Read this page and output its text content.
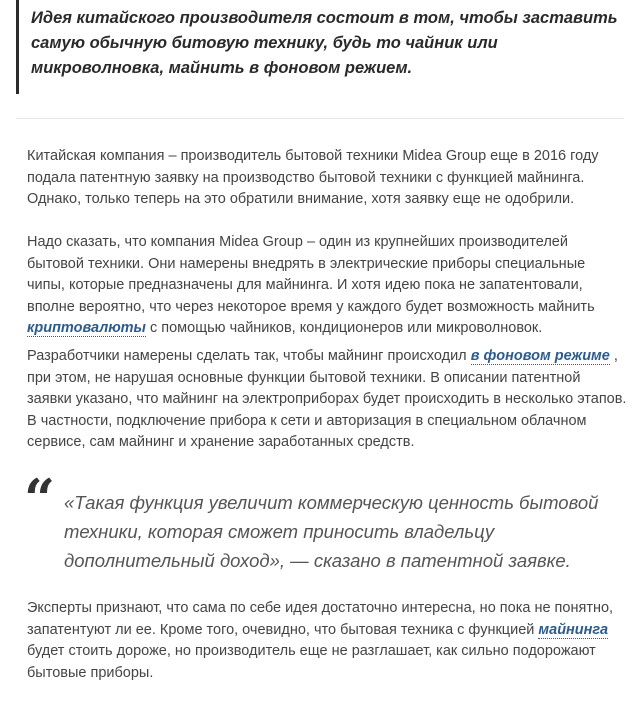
Идея китайского производителя состоит в том, чтобы заставить самую обычную битовую технику, будь то чайник или микроволновка, майнить в фоновом режием.

Китайская компания – производитель бытовой техники Midea Group еще в 2016 году подала патентную заявку на производство бытовой техники с функцией майнинга. Однако, только теперь на это обратили внимание, хотя заявку еще не одобрили.

Надо сказать, что компания Midea Group – один из крупнейших производителей бытовой техники. Они намерены внедрять в электрические приборы специальные чипы, которые предназначены для майнинга. И хотя идею пока не запатентовали, вполне вероятно, что через некоторое время у каждого будет возможность майнить криптовалюты с помощью чайников, кондиционеров или микроволновок.

Разработчики намерены сделать так, чтобы майнинг происходил в фоновом режиме , при этом, не нарушая основные функции бытовой техники. В описании патентной заявки указано, что майнинг на электроприборах будет происходить в несколько этапов. В частности, подключение прибора к сети и авторизация в специальном облачном сервисе, сам майнинг и хранение заработанных средств.

“ «Такая функция увеличит коммерческую ценность бытовой техники, которая сможет приносить владельцу дополнительный доход», — сказано в патентной заявке.

Эксперты признают, что сама по себе идея достаточно интересна, но пока не понятно, запатентуют ли ее. Кроме того, очевидно, что бытовая техника с функцией майнинга будет стоить дороже, но производитель еще не разглашает, как сильно подорожают бытовые приборы.
